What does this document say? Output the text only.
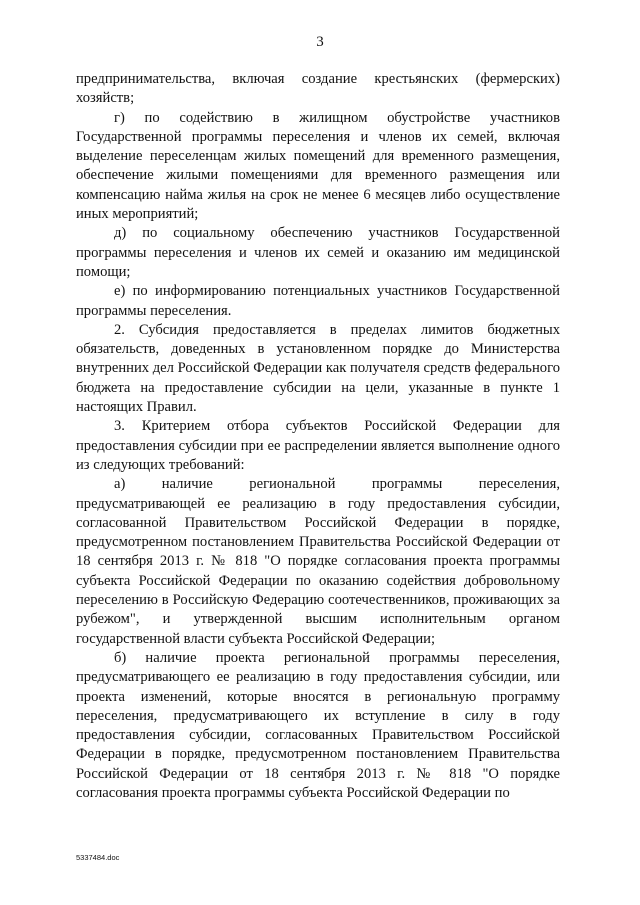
3

предпринимательства, включая создание крестьянских (фермерских) хозяйств;

г) по содействию в жилищном обустройстве участников Государственной программы переселения и членов их семей, включая выделение переселенцам жилых помещений для временного размещения, обеспечение жилыми помещениями для временного размещения или компенсацию найма жилья на срок не менее 6 месяцев либо осуществление иных мероприятий;

д) по социальному обеспечению участников Государственной программы переселения и членов их семей и оказанию им медицинской помощи;

е) по информированию потенциальных участников Государственной программы переселения.

2. Субсидия предоставляется в пределах лимитов бюджетных обязательств, доведенных в установленном порядке до Министерства внутренних дел Российской Федерации как получателя средств федерального бюджета на предоставление субсидии на цели, указанные в пункте 1 настоящих Правил.

3. Критерием отбора субъектов Российской Федерации для предоставления субсидии при ее распределении является выполнение одного из следующих требований:

а) наличие региональной программы переселения, предусматривающей ее реализацию в году предоставления субсидии, согласованной Правительством Российской Федерации в порядке, предусмотренном постановлением Правительства Российской Федерации от 18 сентября 2013 г. № 818 "О порядке согласования проекта программы субъекта Российской Федерации по оказанию содействия добровольному переселению в Российскую Федерацию соотечественников, проживающих за рубежом", и утвержденной высшим исполнительным органом государственной власти субъекта Российской Федерации;

б) наличие проекта региональной программы переселения, предусматривающего ее реализацию в году предоставления субсидии, или проекта изменений, которые вносятся в региональную программу переселения, предусматривающего их вступление в силу в году предоставления субсидии, согласованных Правительством Российской Федерации в порядке, предусмотренном постановлением Правительства Российской Федерации от 18 сентября 2013 г. № 818 "О порядке согласования проекта программы субъекта Российской Федерации по

5337484.doc
